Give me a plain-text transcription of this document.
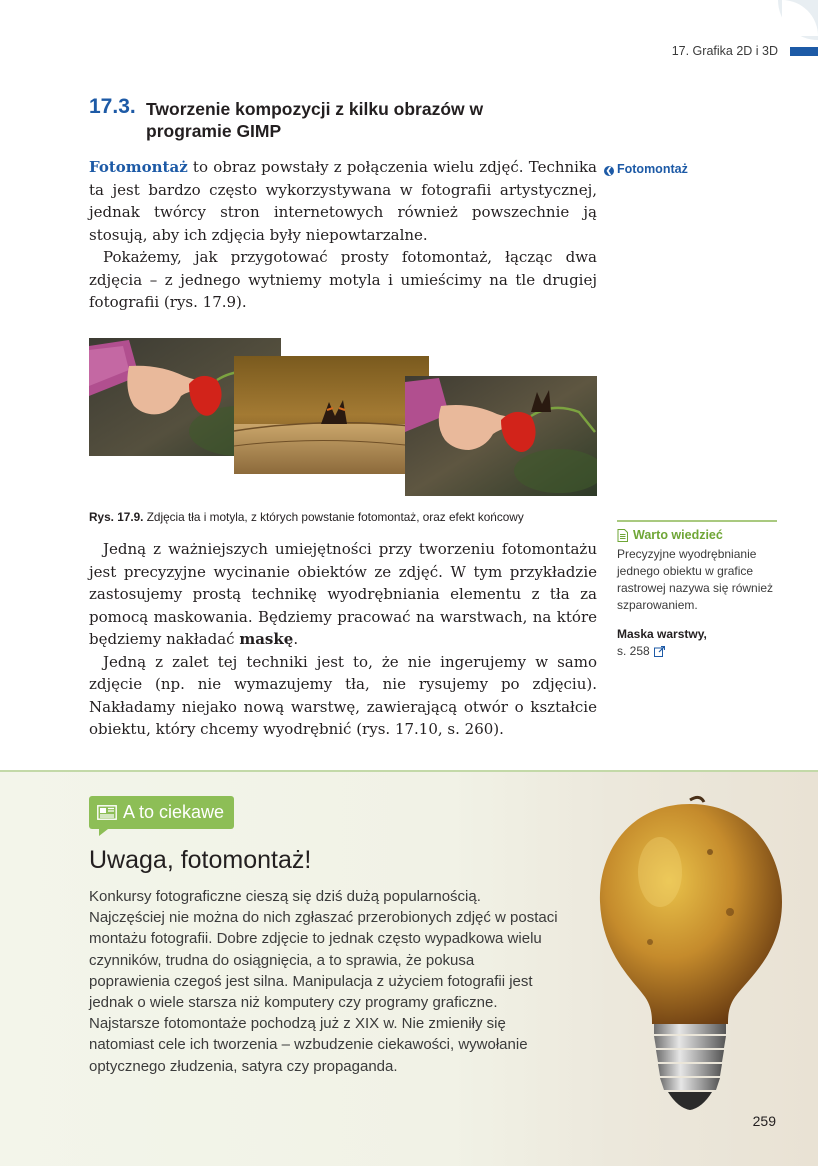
17. Grafika 2D i 3D
17.3. Tworzenie kompozycji z kilku obrazów w programie GIMP

Fotomontaż to obraz powstały z połączenia wielu zdjęć. Technika ta jest bardzo często wykorzystywana w fotografii artystycznej, jednak twórcy stron internetowych również powszechnie ją stosują, aby ich zdjęcia były niepowtarzalne.

Pokażemy, jak przygotować prosty fotomontaż, łącząc dwa zdjęcia – z jednego wytniemy motyla i umieścimy na tle drugiej fotografii (rys. 17.9).

❮ Fotomontaż
Rys. 17.9. Zdjęcia tła i motyla, z których powstanie fotomontaż, oraz efekt końcowy

Jedną z ważniejszych umiejętności przy tworzeniu fotomontażu jest precyzyjne wycinanie obiektów ze zdjęć. W tym przykładzie zastosujemy prostą technikę wyodrębniania elementu z tła za pomocą maskowania. Będziemy pracować na warstwach, na które będziemy nakładać maskę.

Jedną z zalet tej techniki jest to, że nie ingerujemy w samo zdjęcie (np. nie wymazujemy tła, nie rysujemy po zdjęciu). Nakładamy niejako nową warstwę, zawierającą otwór o kształcie obiektu, który chcemy wyodrębnić (rys. 17.10, s. 260).

Warto wiedzieć
Precyzyjne wyodrębnianie jednego obiektu w grafice rastrowej nazywa się również szparowaniem.
Maska warstwy,
s. 258
A to ciekawe
Uwaga, fotomontaż!

Konkursy fotograficzne cieszą się dziś dużą popularnością. Najczęściej nie można do nich zgłaszać przerobionych zdjęć w postaci montażu fotografii. Dobre zdjęcie to jednak często wypadkowa wielu czynników, trudna do osiągnięcia, a to sprawia, że pokusa poprawienia czegoś jest silna. Manipulacja z użyciem fotografii jest jednak o wiele starsza niż komputery czy programy graficzne. Najstarsze fotomontaże pochodzą już z XIX w. Nie zmieniły się natomiast cele ich tworzenia – wzbudzenie ciekawości, wywołanie optycznego złudzenia, satyra czy propaganda.

259
